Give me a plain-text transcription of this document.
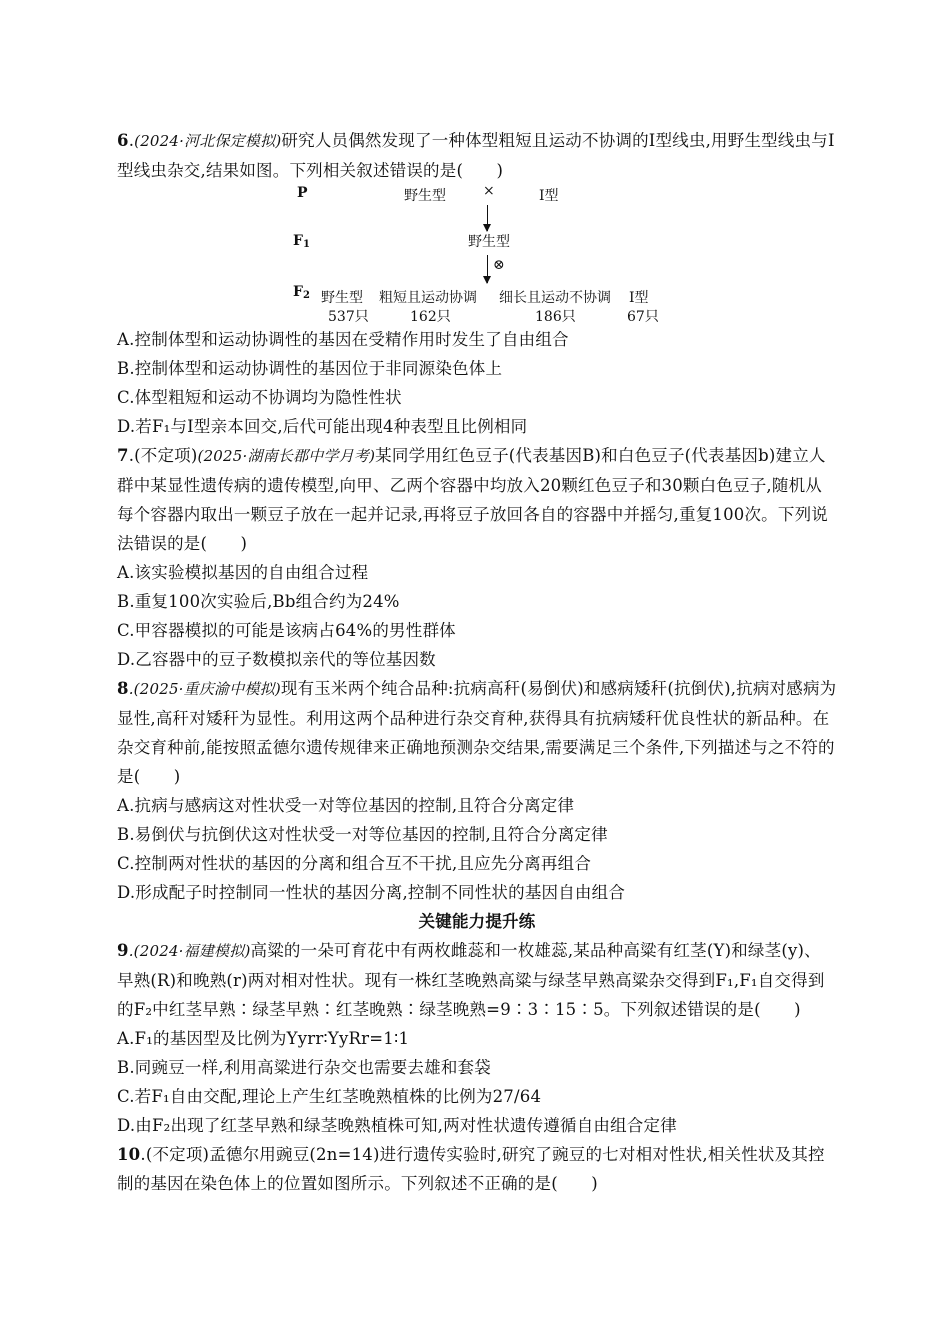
6.(2024·河北保定模拟)研究人员偶然发现了一种体型粗短且运动不协调的Ⅰ型线虫,用野生型线虫与Ⅰ型线虫杂交,结果如图。下列相关叙述错误的是(　　)

P	野生型	×	Ⅰ型
$F_1$	野生型
⊗
$F_2$ 野生型
537只
粗短且运动协调
162只
细长且运动不协调
186只
Ⅰ型
67只

A.控制体型和运动协调性的基因在受精作用时发生了自由组合

B.控制体型和运动协调性的基因位于非同源染色体上

C.体型粗短和运动不协调均为隐性性状

D.若F₁与Ⅰ型亲本回交,后代可能出现4种表型且比例相同

7.(不定项)(2025·湖南长郡中学月考)某同学用红色豆子(代表基因B)和白色豆子(代表基因b)建立人群中某显性遗传病的遗传模型,向甲、乙两个容器中均放入20颗红色豆子和30颗白色豆子,随机从每个容器内取出一颗豆子放在一起并记录,再将豆子放回各自的容器中并摇匀,重复100次。下列说法错误的是(　　)

A.该实验模拟基因的自由组合过程

B.重复100次实验后,Bb组合约为24%

C.甲容器模拟的可能是该病占64%的男性群体

D.乙容器中的豆子数模拟亲代的等位基因数

8.(2025·重庆渝中模拟)现有玉米两个纯合品种:抗病高秆(易倒伏)和感病矮秆(抗倒伏),抗病对感病为显性,高秆对矮秆为显性。利用这两个品种进行杂交育种,获得具有抗病矮秆优良性状的新品种。在杂交育种前,能按照孟德尔遗传规律来正确地预测杂交结果,需要满足三个条件,下列描述与之不符的是(　　)

A.抗病与感病这对性状受一对等位基因的控制,且符合分离定律

B.易倒伏与抗倒伏这对性状受一对等位基因的控制,且符合分离定律

C.控制两对性状的基因的分离和组合互不干扰,且应先分离再组合

D.形成配子时控制同一性状的基因分离,控制不同性状的基因自由组合

关键能力提升练

9.(2024·福建模拟)高粱的一朵可育花中有两枚雌蕊和一枚雄蕊,某品种高粱有红茎(Y)和绿茎(y)、早熟(R)和晚熟(r)两对相对性状。现有一株红茎晚熟高粱与绿茎早熟高粱杂交得到F₁,F₁自交得到的F₂中红茎早熟∶绿茎早熟∶红茎晚熟∶绿茎晚熟=9∶3∶15∶5。下列叙述错误的是(　　)

A.F₁的基因型及比例为Yyrr∶YyRr=1∶1

B.同豌豆一样,利用高粱进行杂交也需要去雄和套袋

C.若F₁自由交配,理论上产生红茎晚熟植株的比例为27/64

D.由F₂出现了红茎早熟和绿茎晚熟植株可知,两对性状遗传遵循自由组合定律

10.(不定项)孟德尔用豌豆(2n=14)进行遗传实验时,研究了豌豆的七对相对性状,相关性状及其控制的基因在染色体上的位置如图所示。下列叙述不正确的是(　　)
